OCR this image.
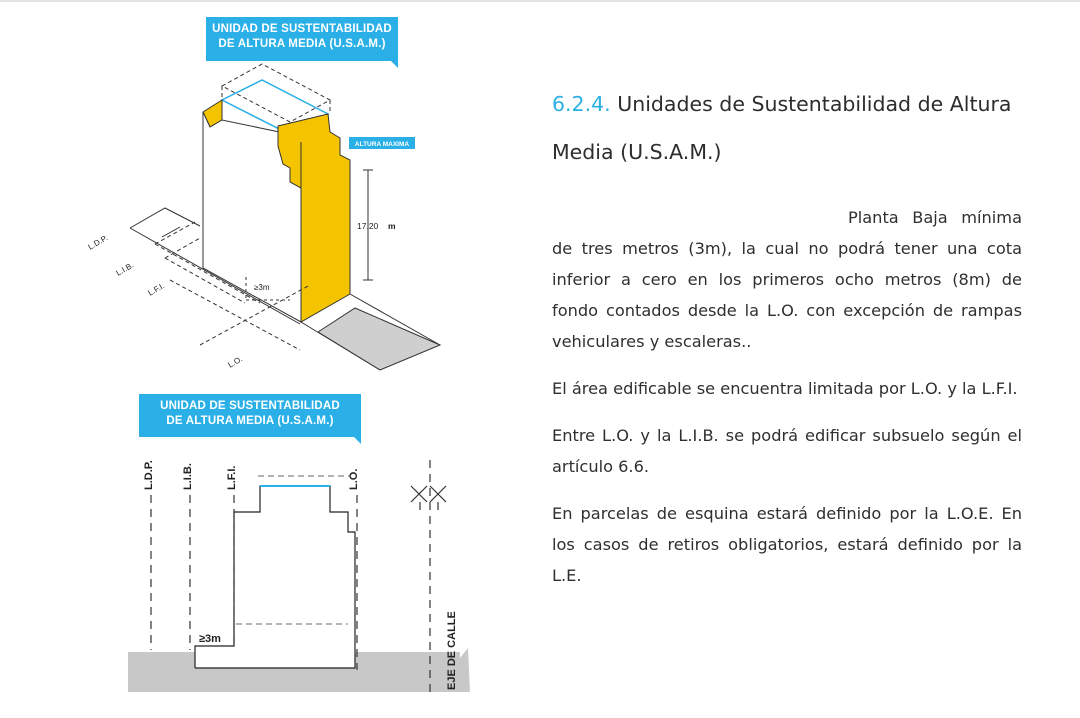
UNIDAD DE SUSTENTABILIDAD
DE ALTURA MEDIA (U.S.A.M.)
UNIDAD DE SUSTENTABILIDAD
DE ALTURA MEDIA (U.S.A.M.)
ALTURA MAXIMA
17.20 m
≥3m
L.D.P.
L.I.B.
L.F.I.
L.O.
L.D.P. L.I.B.	L.F.I.	L.O.
≥3m	EJE DE CALLE
6.2.4. Unidades de Sustentabilidad de Altura
Media (U.S.A.M.)

Planta Baja mínima de tres metros (3m), la cual no podrá tener una cota inferior a cero en los primeros ocho metros (8m) de fondo contados desde la L.O. con excepción de rampas vehiculares y escaleras..

El área edificable se encuentra limitada por L.O. y la L.F.I.

Entre L.O. y la L.I.B. se podrá edificar subsuelo según el artículo 6.6.

En parcelas de esquina estará definido por la L.O.E. En los casos de retiros obligatorios, estará definido por la L.E.
